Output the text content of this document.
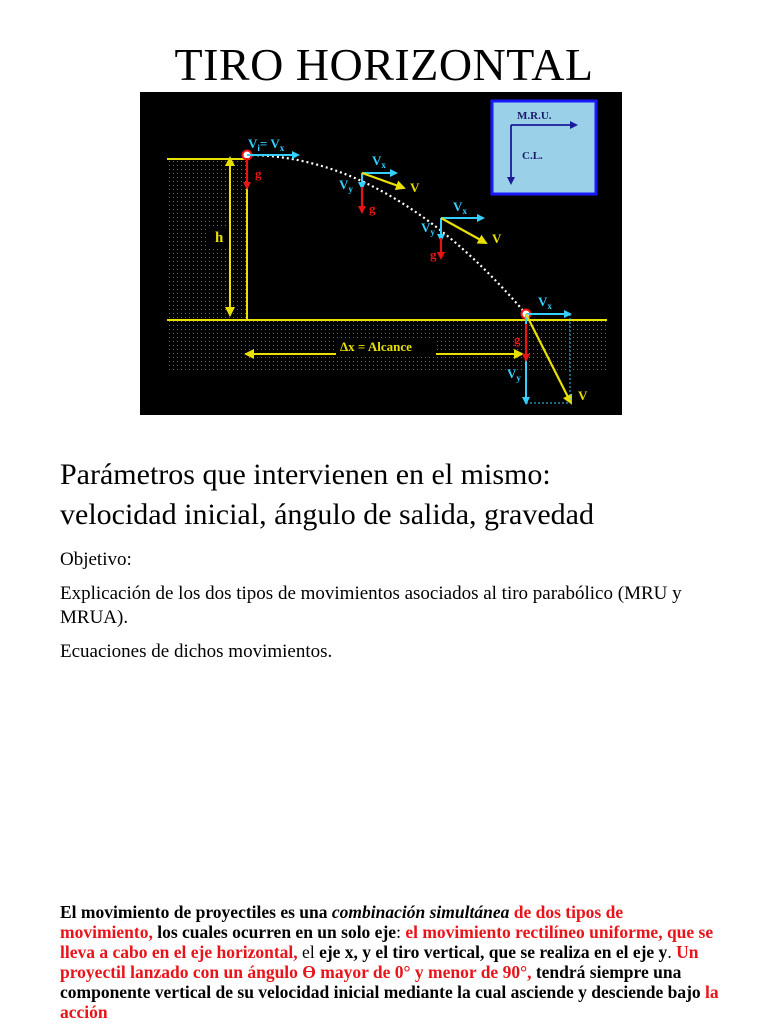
TIRO HORIZONTAL
h
Δx = Alcance
g
$V_i= V_x$
$V_x$
$V_y$	V
g	$V_x$
$V_y$	V
g
$V_x$
$V_y$
V
g
M.R.U.
C.L.

Parámetros que intervienen en el mismo:
velocidad inicial, ángulo de salida, gravedad

Objetivo:

Explicación de los dos tipos de movimientos asociados al tiro parabólico (MRU y MRUA).

Ecuaciones de dichos movimientos.

El movimiento de proyectiles es una combinación simultánea de dos tipos de movimiento, los cuales ocurren en un solo eje: el movimiento rectilíneo uniforme, que se lleva a cabo en el eje horizontal, el eje x, y el tiro vertical, que se realiza en el eje y. Un proyectil lanzado con un ángulo ϴ mayor de 0° y menor de 90°, tendrá siempre una componente vertical de su velocidad inicial mediante la cual asciende y desciende bajo la acción
